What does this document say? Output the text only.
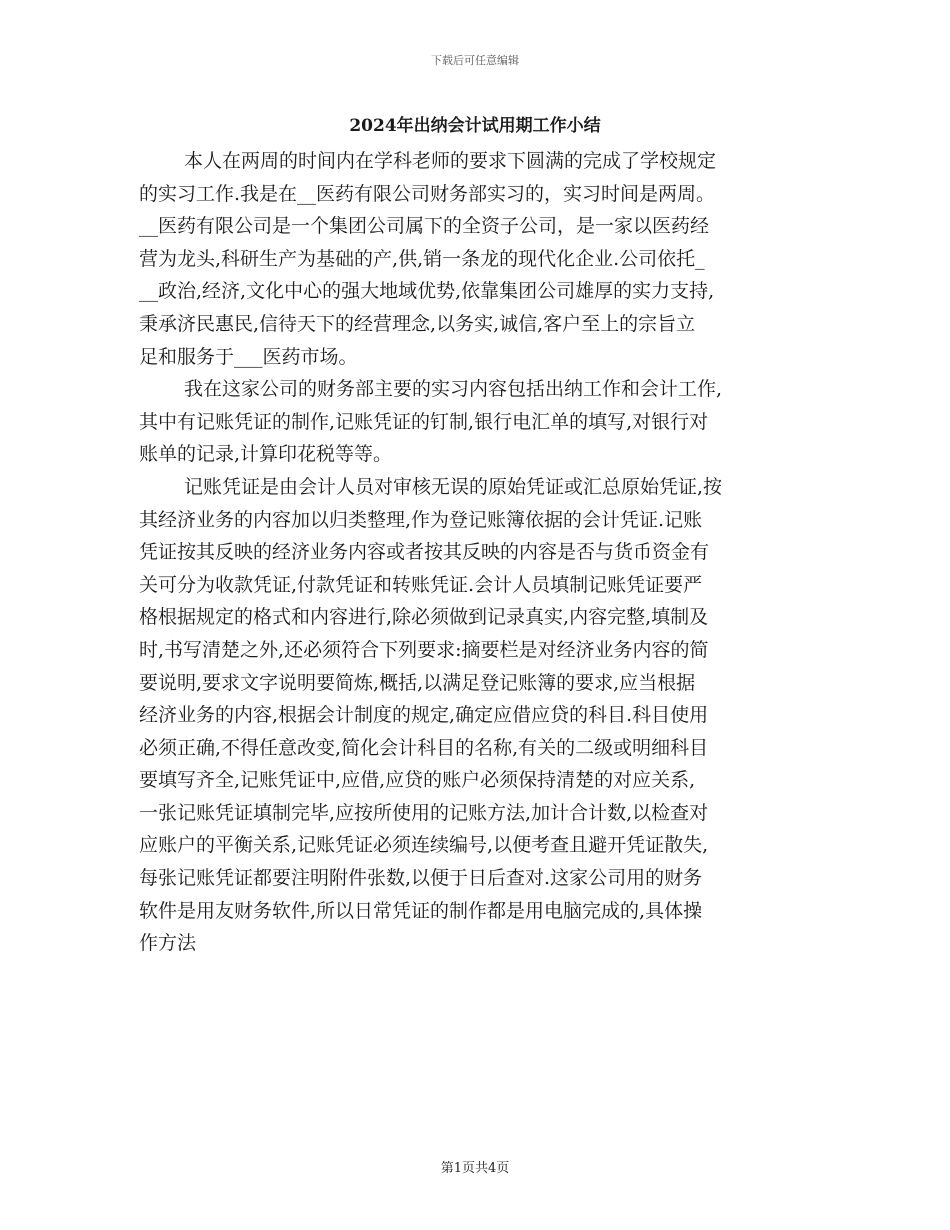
下载后可任意编辑
2024年出纳会计试用期工作小结

本人在两周的时间内在学科老师的要求下圆满的完成了学校规定
的实习工作.我是在__医药有限公司财务部实习的，实习时间是两周。
__医药有限公司是一个集团公司属下的全资子公司，是一家以医药经
营为龙头,科研生产为基础的产,供,销一条龙的现代化企业.公司依托_
__政治,经济,文化中心的强大地域优势,依靠集团公司雄厚的实力支持,
秉承济民惠民,信待天下的经营理念,以务实,诚信,客户至上的宗旨立
足和服务于___医药市场。

我在这家公司的财务部主要的实习内容包括出纳工作和会计工作,
其中有记账凭证的制作,记账凭证的钉制,银行电汇单的填写,对银行对
账单的记录,计算印花税等等。

记账凭证是由会计人员对审核无误的原始凭证或汇总原始凭证,按
其经济业务的内容加以归类整理,作为登记账簿依据的会计凭证.记账
凭证按其反映的经济业务内容或者按其反映的内容是否与货币资金有
关可分为收款凭证,付款凭证和转账凭证.会计人员填制记账凭证要严
格根据规定的格式和内容进行,除必须做到记录真实,内容完整,填制及
时,书写清楚之外,还必须符合下列要求:摘要栏是对经济业务内容的简
要说明,要求文字说明要简炼,概括,以满足登记账簿的要求,应当根据
经济业务的内容,根据会计制度的规定,确定应借应贷的科目.科目使用
必须正确,不得任意改变,简化会计科目的名称,有关的二级或明细科目
要填写齐全,记账凭证中,应借,应贷的账户必须保持清楚的对应关系,
一张记账凭证填制完毕,应按所使用的记账方法,加计合计数,以检查对
应账户的平衡关系,记账凭证必须连续编号,以便考查且避开凭证散失,
每张记账凭证都要注明附件张数,以便于日后查对.这家公司用的财务
软件是用友财务软件,所以日常凭证的制作都是用电脑完成的,具体操
作方法

第1页共4页
